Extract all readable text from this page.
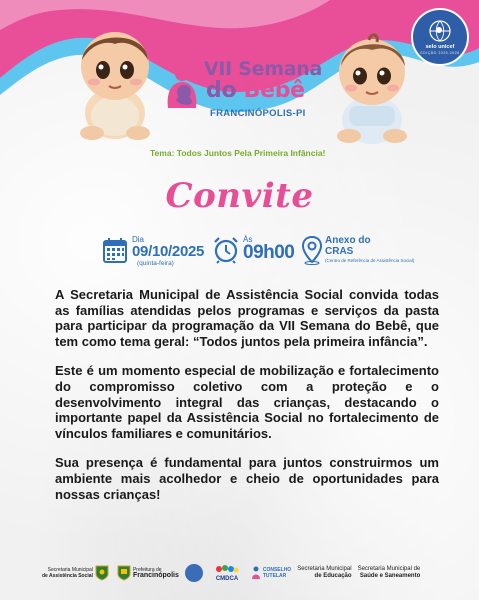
selo unicef
EDIÇÃO 2025-2028
VII Semana
do Bebê
FRANCINÓPOLIS-PI
Tema: Todos Juntos Pela Primeira Infância!
Convite
Dia
09/10/2025
(quinta-feira)
Às
09h00
Anexo do
CRAS
(Centro de Referência de Assistência Social)

A Secretaria Municipal de Assistência Social convida todas as famílias atendidas pelos programas e serviços da pasta para participar da programação da VII Semana do Bebê, que tem como tema geral: “Todos juntos pela primeira infância”.

Este é um momento especial de mobilização e fortalecimento do compromisso coletivo com a proteção e o desenvolvimento integral das crianças, destacando o importante papel da Assistência Social no fortalecimento de vínculos familiares e comunitários.

Sua presença é fundamental para juntos construirmos um ambiente mais acolhedor e cheio de oportunidades para nossas crianças!

Secretaria Municipal
de Assistência Social
Prefeitura de
Francinópolis	CMDCA
CONSELHO
TUTELAR
Secretaria Municipal
de Educação
Secretaria Municipal de
Saúde e Saneamento
